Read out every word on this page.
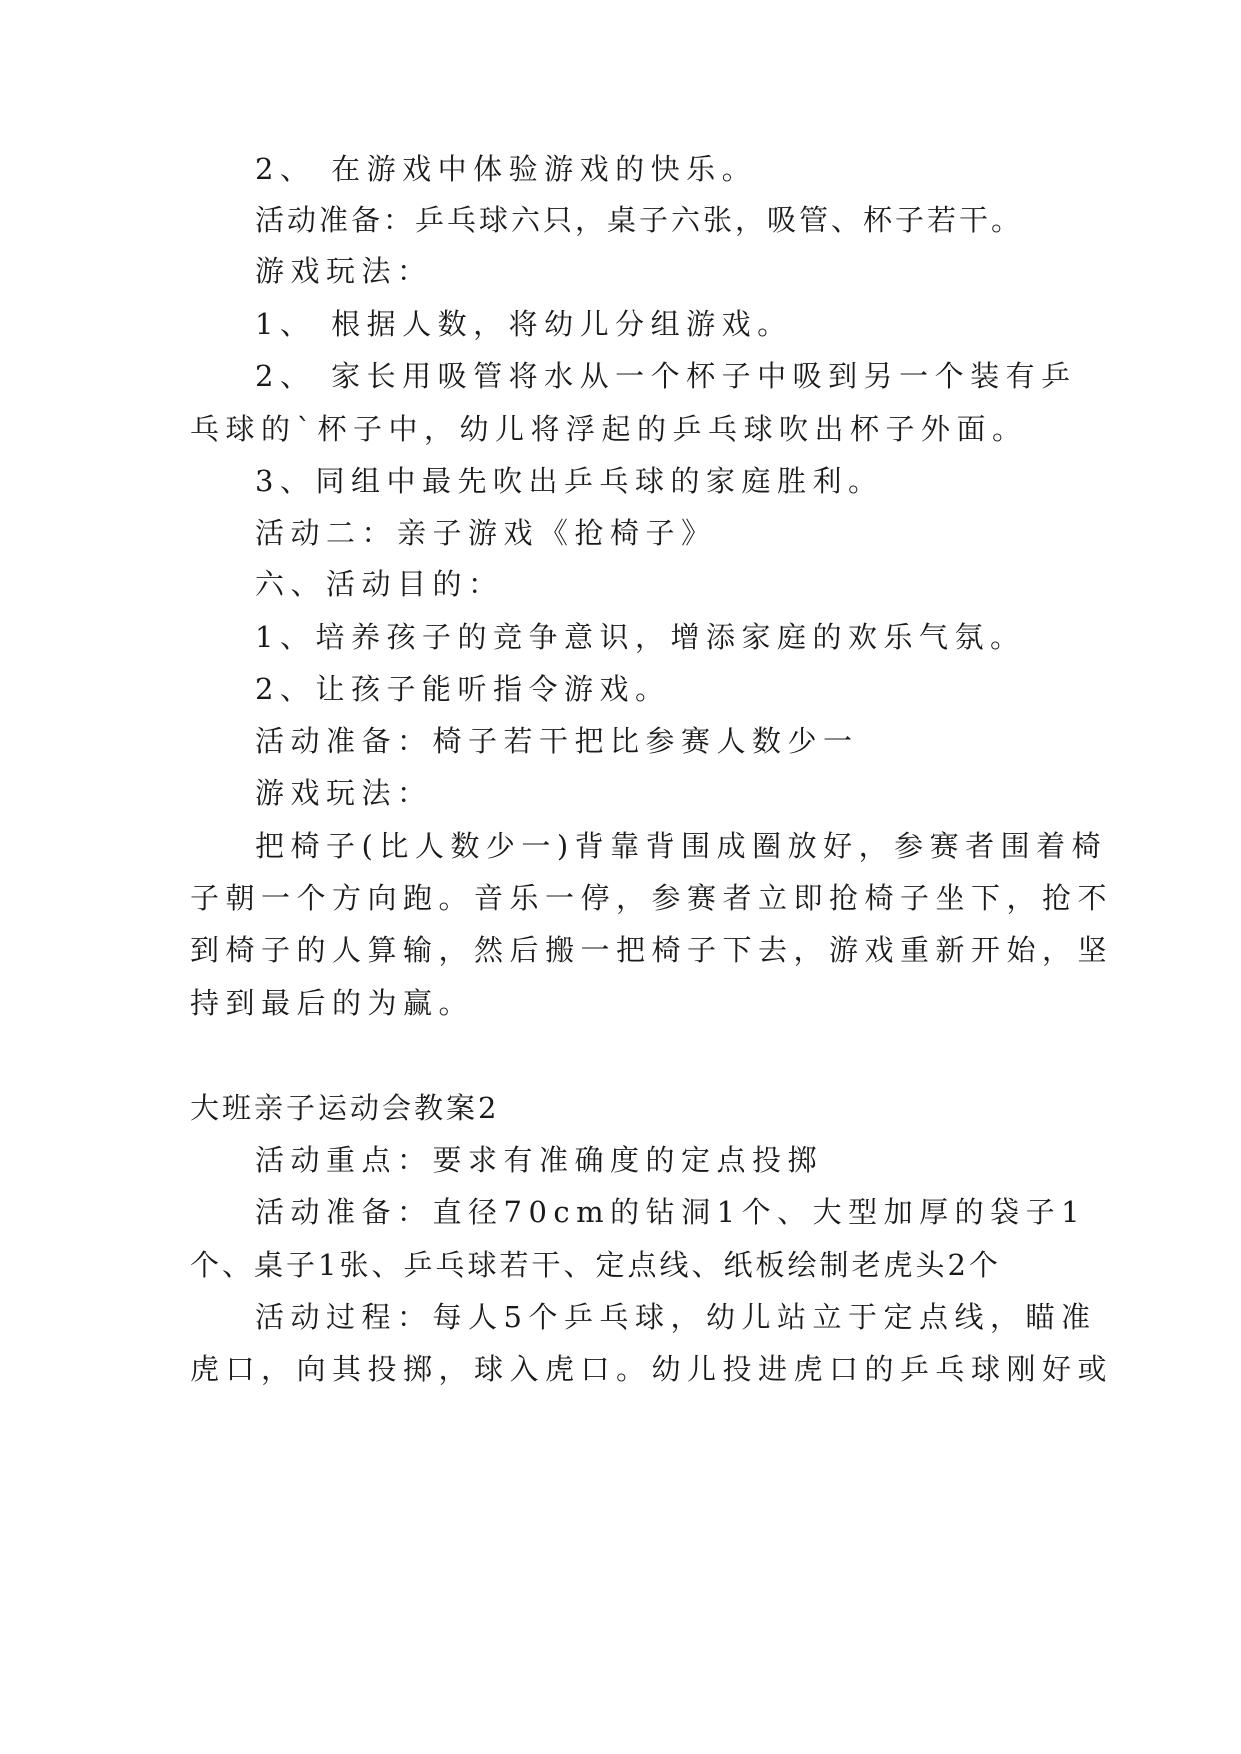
2、 在游戏中体验游戏的快乐。
活动准备：乒乓球六只，桌子六张，吸管、杯子若干。
游戏玩法：
1、 根据人数，将幼儿分组游戏。
2、 家长用吸管将水从一个杯子中吸到另一个装有乒
乓球的`杯子中，幼儿将浮起的乒乓球吹出杯子外面。
3、同组中最先吹出乒乓球的家庭胜利。
活动二：亲子游戏《抢椅子》
六、活动目的：
1、培养孩子的竞争意识，增添家庭的欢乐气氛。
2、让孩子能听指令游戏。
活动准备：椅子若干把比参赛人数少一
游戏玩法：
把椅子(比人数少一)背靠背围成圈放好，参赛者围着椅
子朝一个方向跑。音乐一停，参赛者立即抢椅子坐下，抢不
到椅子的人算输，然后搬一把椅子下去，游戏重新开始，坚
持到最后的为赢。
大班亲子运动会教案2
活动重点：要求有准确度的定点投掷
活动准备：直径70cm的钻洞1个、大型加厚的袋子1
个、桌子1张、乒乓球若干、定点线、纸板绘制老虎头2个
活动过程：每人5个乒乓球，幼儿站立于定点线，瞄准
虎口，向其投掷，球入虎口。幼儿投进虎口的乒乓球刚好或
